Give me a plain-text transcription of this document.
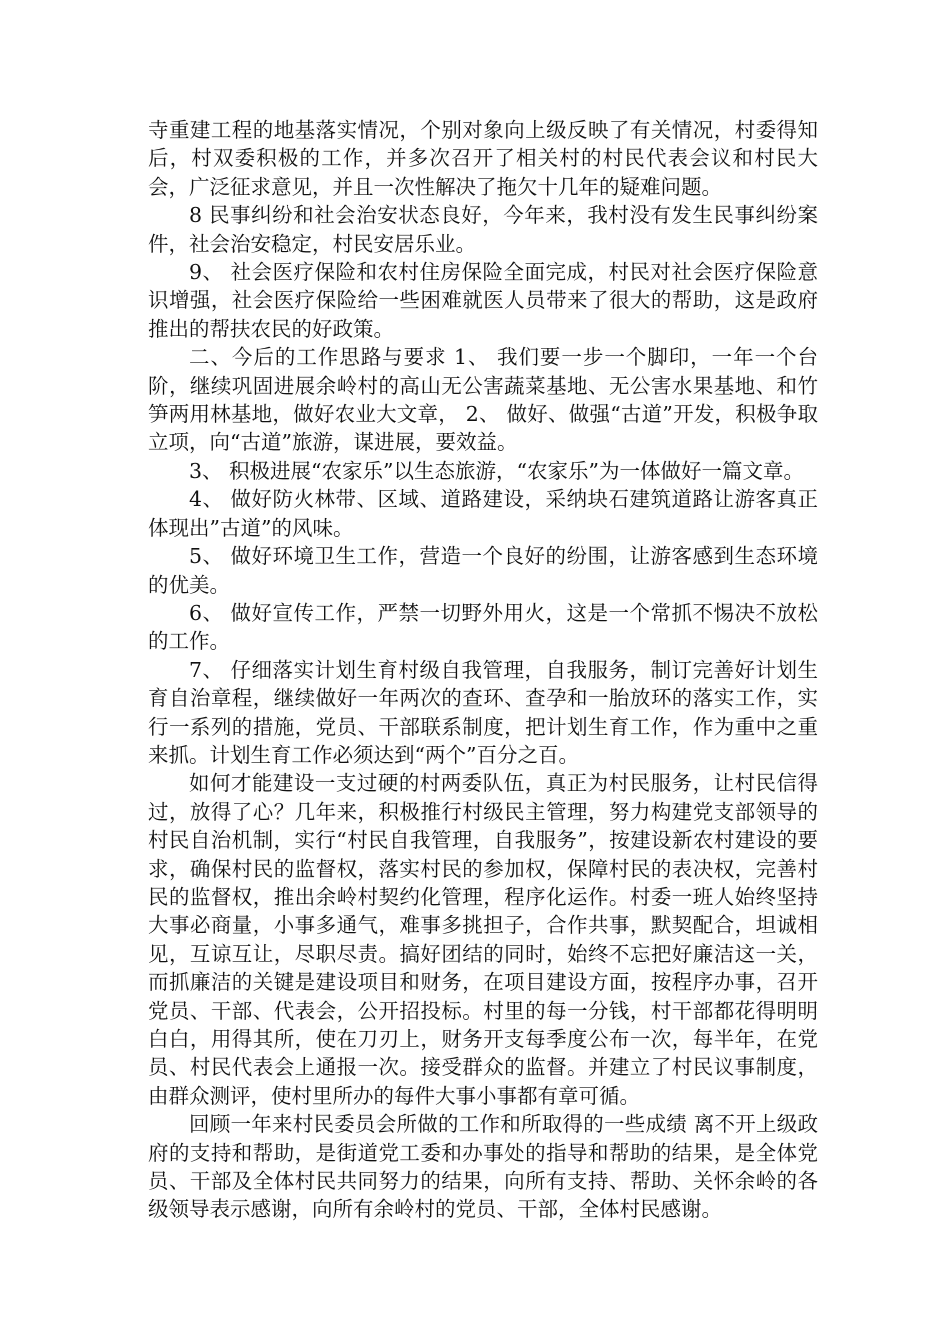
寺重建工程的地基落实情况，个别对象向上级反映了有关情况，村委得知后，村双委积极的工作，并多次召开了相关村的村民代表会议和村民大会，广泛征求意见，并且一次性解决了拖欠十几年的疑难问题。

8 民事纠纷和社会治安状态良好，今年来，我村没有发生民事纠纷案件，社会治安稳定，村民安居乐业。

9、 社会医疗保险和农村住房保险全面完成，村民对社会医疗保险意识增强，社会医疗保险给一些困难就医人员带来了很大的帮助，这是政府推出的帮扶农民的好政策。

二、今后的工作思路与要求 1、 我们要一步一个脚印，一年一个台阶，继续巩固进展余岭村的高山无公害蔬菜基地、无公害水果基地、和竹笋两用林基地，做好农业大文章， 2、 做好、做强“古道”开发，积极争取立项，向“古道”旅游，谋进展，要效益。

3、 积极进展“农家乐”以生态旅游，“农家乐”为一体做好一篇文章。

4、 做好防火林带、区域、道路建设，采纳块石建筑道路让游客真正体现出”古道”的风味。

5、 做好环境卫生工作，营造一个良好的纷围，让游客感到生态环境的优美。

6、 做好宣传工作，严禁一切野外用火，这是一个常抓不惕决不放松的工作。

7、 仔细落实计划生育村级自我管理，自我服务，制订完善好计划生育自治章程，继续做好一年两次的查环、查孕和一胎放环的落实工作，实行一系列的措施，党员、干部联系制度，把计划生育工作，作为重中之重来抓。计划生育工作必须达到“两个”百分之百。

如何才能建设一支过硬的村两委队伍，真正为村民服务，让村民信得过，放得了心？几年来，积极推行村级民主管理，努力构建党支部领导的村民自治机制，实行“村民自我管理，自我服务”，按建设新农村建设的要求，确保村民的监督权，落实村民的参加权，保障村民的表决权，完善村民的监督权，推出余岭村契约化管理，程序化运作。村委一班人始终坚持大事必商量，小事多通气，难事多挑担子，合作共事，默契配合，坦诚相见，互谅互让，尽职尽责。搞好团结的同时，始终不忘把好廉洁这一关，而抓廉洁的关键是建设项目和财务，在项目建设方面，按程序办事，召开党员、干部、代表会，公开招投标。村里的每一分钱，村干部都花得明明白白，用得其所，使在刀刃上，财务开支每季度公布一次，每半年，在党员、村民代表会上通报一次。接受群众的监督。并建立了村民议事制度，由群众测评，使村里所办的每件大事小事都有章可循。

回顾一年来村民委员会所做的工作和所取得的一些成绩 离不开上级政府的支持和帮助，是街道党工委和办事处的指导和帮助的结果，是全体党员、干部及全体村民共同努力的结果，向所有支持、帮助、关怀余岭的各级领导表示感谢，向所有余岭村的党员、干部，全体村民感谢。
